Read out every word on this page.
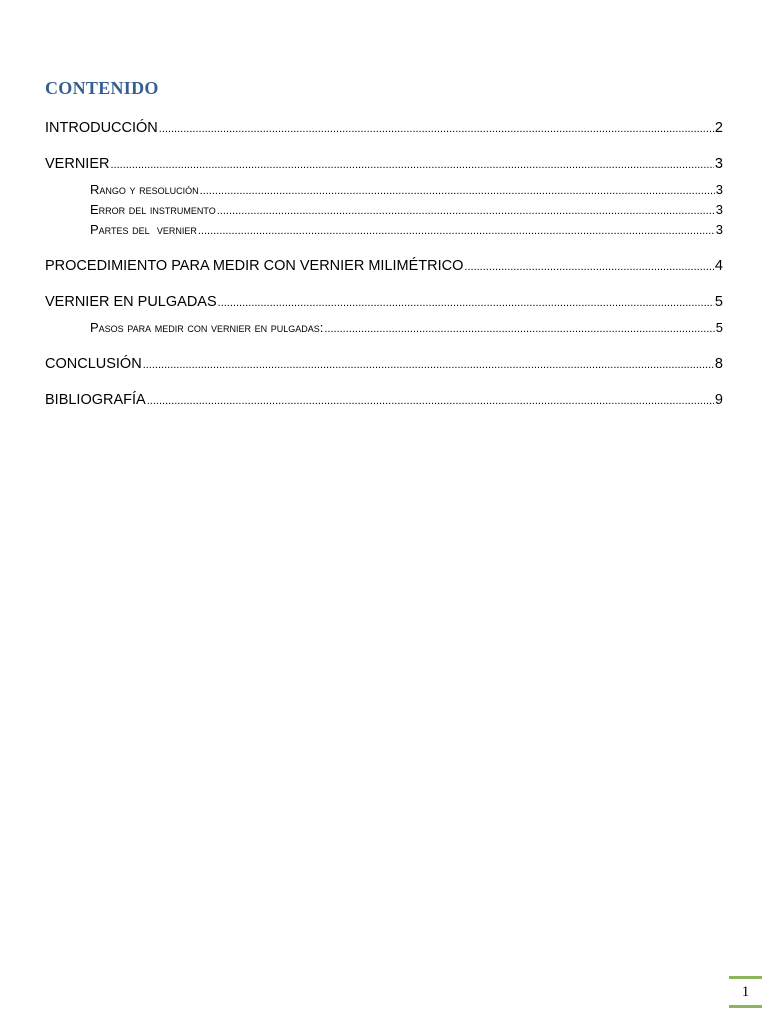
CONTENIDO
INTRODUCCIÓN .....	2
VERNIER .....	3
Rango y resolución .....	3
Error del instrumento .....	3
Partes del  vernier .....	3
PROCEDIMIENTO PARA MEDIR CON VERNIER MILIMÉTRICO .....	4
VERNIER EN PULGADAS .....	5
Pasos para medir con vernier en pulgadas: .....	5
CONCLUSIÓN .....	8
BIBLIOGRAFÍA .....	9
1
